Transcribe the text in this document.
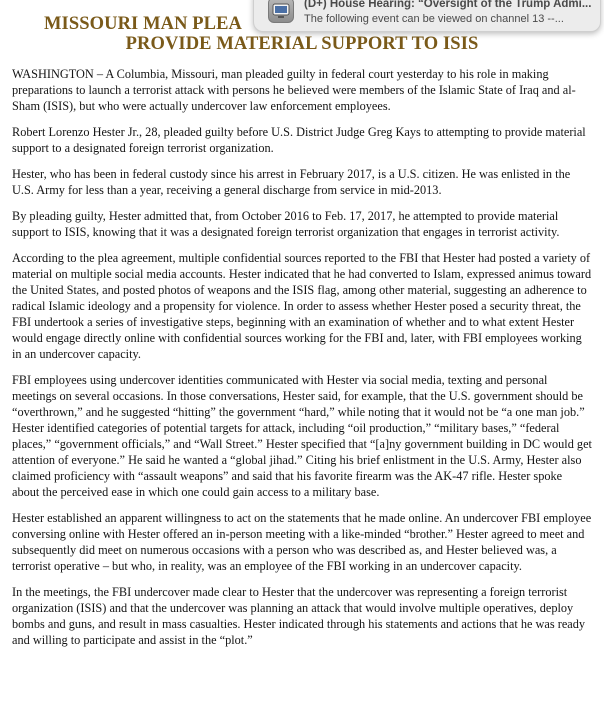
MISSOURI MAN PLEA
PROVIDE MATERIAL SUPPORT TO ISIS

WASHINGTON – A Columbia, Missouri, man pleaded guilty in federal court yesterday to his role in making preparations to launch a terrorist attack with persons he believed were members of the Islamic State of Iraq and al-Sham (ISIS), but who were actually undercover law enforcement employees.

Robert Lorenzo Hester Jr., 28, pleaded guilty before U.S. District Judge Greg Kays to attempting to provide material support to a designated foreign terrorist organization.

Hester, who has been in federal custody since his arrest in February 2017, is a U.S. citizen. He was enlisted in the U.S. Army for less than a year, receiving a general discharge from service in mid-2013.

By pleading guilty, Hester admitted that, from October 2016 to Feb. 17, 2017, he attempted to provide material support to ISIS, knowing that it was a designated foreign terrorist organization that engages in terrorist activity.

According to the plea agreement, multiple confidential sources reported to the FBI that Hester had posted a variety of material on multiple social media accounts. Hester indicated that he had converted to Islam, expressed animus toward the United States, and posted photos of weapons and the ISIS flag, among other material, suggesting an adherence to radical Islamic ideology and a propensity for violence. In order to assess whether Hester posed a security threat, the FBI undertook a series of investigative steps, beginning with an examination of whether and to what extent Hester would engage directly online with confidential sources working for the FBI and, later, with FBI employees working in an undercover capacity.

FBI employees using undercover identities communicated with Hester via social media, texting and personal meetings on several occasions. In those conversations, Hester said, for example, that the U.S. government should be “overthrown,” and he suggested “hitting” the government “hard,” while noting that it would not be “a one man job.” Hester identified categories of potential targets for attack, including “oil production,” “military bases,” “federal places,” “government officials,” and “Wall Street.” Hester specified that “[a]ny government building in DC would get attention of everyone.” He said he wanted a “global jihad.” Citing his brief enlistment in the U.S. Army, Hester also claimed proficiency with “assault weapons” and said that his favorite firearm was the AK-47 rifle. Hester spoke about the perceived ease in which one could gain access to a military base.

Hester established an apparent willingness to act on the statements that he made online. An undercover FBI employee conversing online with Hester offered an in-person meeting with a like-minded “brother.” Hester agreed to meet and subsequently did meet on numerous occasions with a person who was described as, and Hester believed was, a terrorist operative – but who, in reality, was an employee of the FBI working in an undercover capacity.

In the meetings, the FBI undercover made clear to Hester that the undercover was representing a foreign terrorist organization (ISIS) and that the undercover was planning an attack that would involve multiple operatives, deploy bombs and guns, and result in mass casualties. Hester indicated through his statements and actions that he was ready and willing to participate and assist in the “plot.”

(D+) House Hearing: “Oversight of the Trump Admi...
The following event can be viewed on channel 13 --...
